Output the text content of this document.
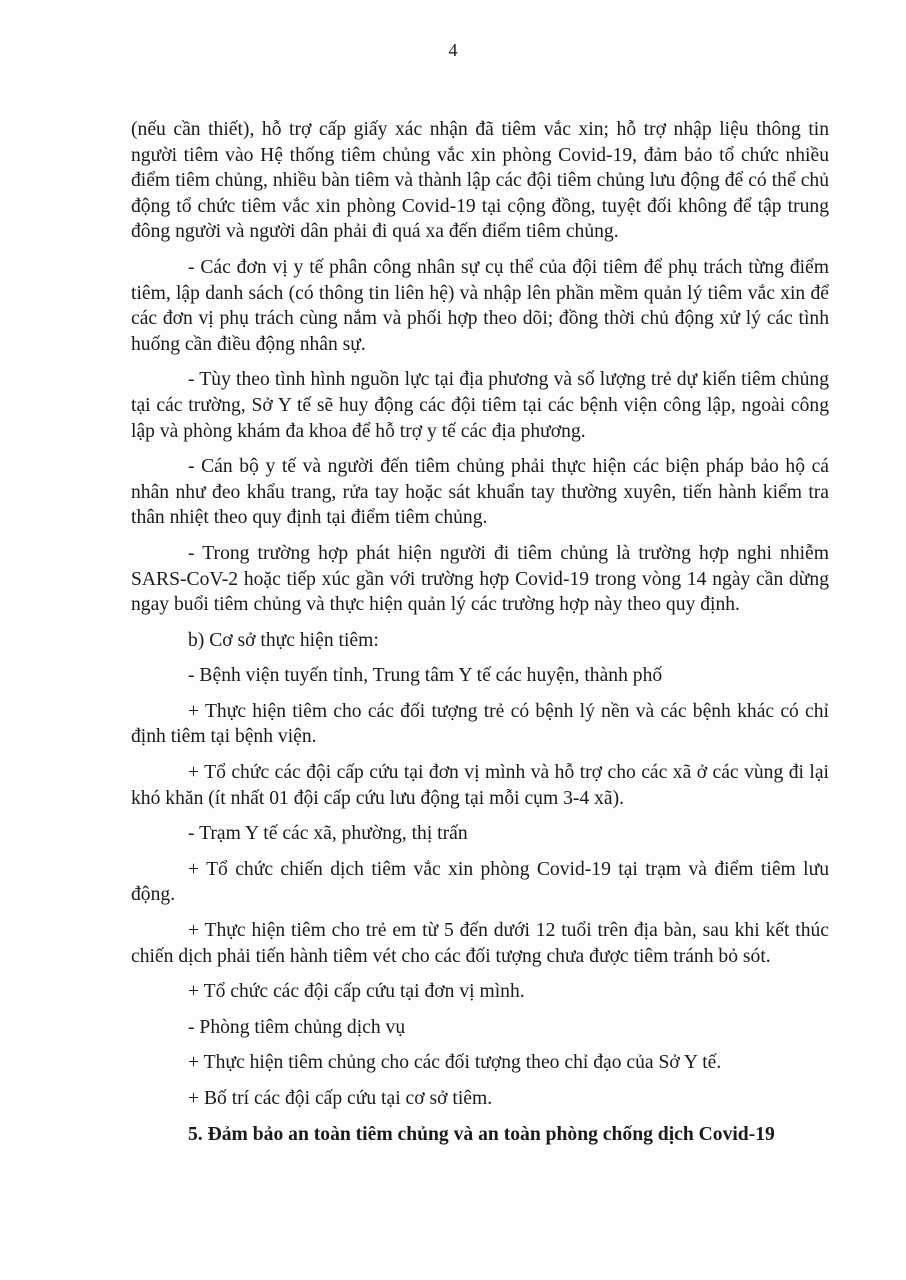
4

(nếu cần thiết), hỗ trợ cấp giấy xác nhận đã tiêm vắc xin; hỗ trợ nhập liệu thông tin người tiêm vào Hệ thống tiêm chủng vắc xin phòng Covid-19, đảm bảo tổ chức nhiều điểm tiêm chủng, nhiều bàn tiêm và thành lập các đội tiêm chủng lưu động để có thể chủ động tổ chức tiêm vắc xin phòng Covid-19 tại cộng đồng, tuyệt đối không để tập trung đông người và người dân phải đi quá xa đến điểm tiêm chủng.

- Các đơn vị y tế phân công nhân sự cụ thể của đội tiêm để phụ trách từng điểm tiêm, lập danh sách (có thông tin liên hệ) và nhập lên phần mềm quản lý tiêm vắc xin để các đơn vị phụ trách cùng nắm và phối hợp theo dõi; đồng thời chủ động xử lý các tình huống cần điều động nhân sự.

- Tùy theo tình hình nguồn lực tại địa phương và số lượng trẻ dự kiến tiêm chủng tại các trường, Sở Y tế sẽ huy động các đội tiêm tại các bệnh viện công lập, ngoài công lập và phòng khám đa khoa để hỗ trợ y tế các địa phương.

- Cán bộ y tế và người đến tiêm chủng phải thực hiện các biện pháp bảo hộ cá nhân như đeo khẩu trang, rửa tay hoặc sát khuẩn tay thường xuyên, tiến hành kiểm tra thân nhiệt theo quy định tại điểm tiêm chủng.

- Trong trường hợp phát hiện người đi tiêm chủng là trường hợp nghi nhiễm SARS-CoV-2 hoặc tiếp xúc gần với trường hợp Covid-19 trong vòng 14 ngày cần dừng ngay buổi tiêm chủng và thực hiện quản lý các trường hợp này theo quy định.

b) Cơ sở thực hiện tiêm:

- Bệnh viện tuyến tỉnh, Trung tâm Y tế các huyện, thành phố

+ Thực hiện tiêm cho các đối tượng trẻ có bệnh lý nền và các bệnh khác có chỉ định tiêm tại bệnh viện.

+ Tổ chức các đội cấp cứu tại đơn vị mình và hỗ trợ cho các xã ở các vùng đi lại khó khăn (ít nhất 01 đội cấp cứu lưu động tại mỗi cụm 3-4 xã).

- Trạm Y tế các xã, phường, thị trấn

+ Tổ chức chiến dịch tiêm vắc xin phòng Covid-19 tại trạm và điểm tiêm lưu động.

+ Thực hiện tiêm cho trẻ em từ 5 đến dưới 12 tuổi trên địa bàn, sau khi kết thúc chiến dịch phải tiến hành tiêm vét cho các đối tượng chưa được tiêm tránh bỏ sót.

+ Tổ chức các đội cấp cứu tại đơn vị mình.

- Phòng tiêm chủng dịch vụ

+ Thực hiện tiêm chủng cho các đối tượng theo chỉ đạo của Sở Y tế.

+ Bố trí các đội cấp cứu tại cơ sở tiêm.

5. Đảm bảo an toàn tiêm chủng và an toàn phòng chống dịch Covid-19
